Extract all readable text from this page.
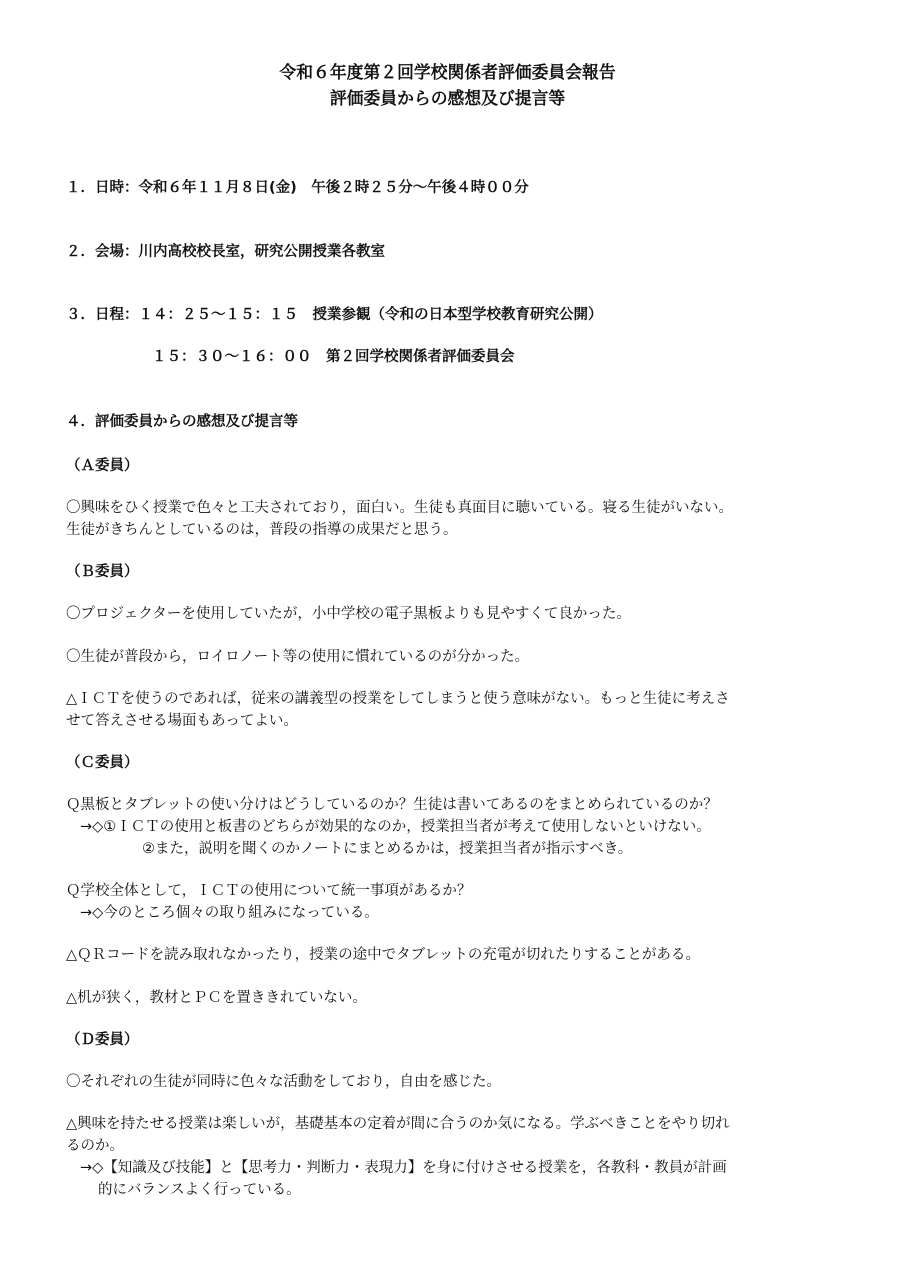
令和６年度第２回学校関係者評価委員会報告
評価委員からの感想及び提言等
１．日時：令和６年１１月８日(金)　午後２時２５分～午後４時００分
２．会場：川内高校校長室，研究公開授業各教室
３．日程：１４：２５～１５：１５　授業参観（令和の日本型学校教育研究公開）
１５：３０～１６：００　第２回学校関係者評価委員会
４．評価委員からの感想及び提言等
（Ａ委員）
〇興味をひく授業で色々と工夫されており，面白い。生徒も真面目に聴いている。寝る生徒がいない。
生徒がきちんとしているのは，普段の指導の成果だと思う。
（Ｂ委員）
〇プロジェクターを使用していたが，小中学校の電子黒板よりも見やすくて良かった。
〇生徒が普段から，ロイロノート等の使用に慣れているのが分かった。
△ＩＣＴを使うのであれば，従来の講義型の授業をしてしまうと使う意味がない。もっと生徒に考えさ
せて答えさせる場面もあってよい。
（Ｃ委員）
Ｑ黒板とタブレットの使い分けはどうしているのか？生徒は書いてあるのをまとめられているのか？
→◇①ＩＣＴの使用と板書のどちらが効果的なのか，授業担当者が考えて使用しないといけない。
②また，説明を聞くのかノートにまとめるかは，授業担当者が指示すべき。
Ｑ学校全体として，ＩＣＴの使用について統一事項があるか？
→◇今のところ個々の取り組みになっている。
△ＱＲコードを読み取れなかったり，授業の途中でタブレットの充電が切れたりすることがある。
△机が狭く，教材とＰＣを置ききれていない。
（Ｄ委員）
〇それぞれの生徒が同時に色々な活動をしており，自由を感じた。
△興味を持たせる授業は楽しいが，基礎基本の定着が間に合うのか気になる。学ぶべきことをやり切れ
るのか。
→◇【知識及び技能】と【思考力・判断力・表現力】を身に付けさせる授業を，各教科・教員が計画
的にバランスよく行っている。
